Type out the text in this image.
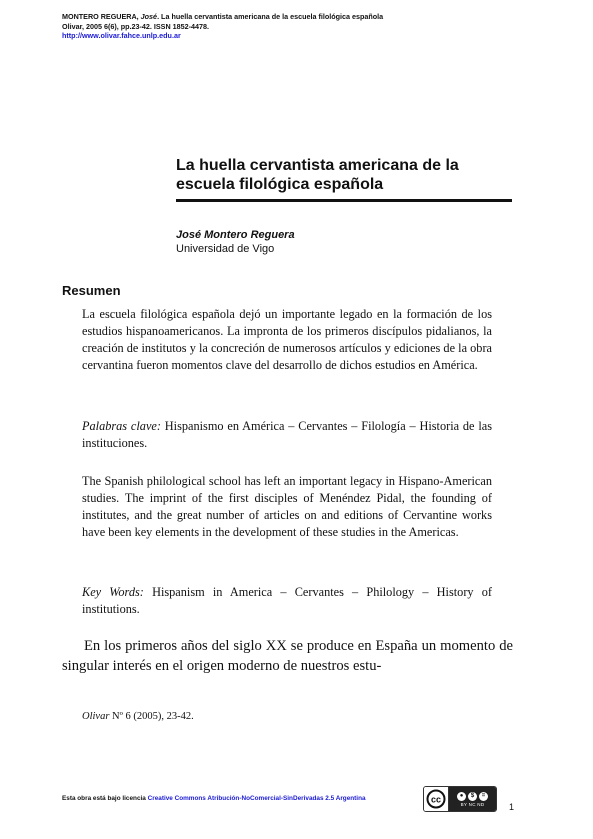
MONTERO REGUERA, José. La huella cervantista americana de la escuela filológica española
Olivar, 2005 6(6), pp.23-42. ISSN 1852-4478.
http://www.olivar.fahce.unlp.edu.ar
La huella cervantista americana de la escuela filológica española
José Montero Reguera
Universidad de Vigo
Resumen
La escuela filológica española dejó un importante legado en la formación de los estudios hispanoamericanos. La impronta de los primeros discípulos pidalianos, la creación de institutos y la concreción de numerosos artículos y ediciones de la obra cervantina fueron momentos clave del desarrollo de dichos estudios en América.
Palabras clave: Hispanismo en América – Cervantes – Filología – Historia de las instituciones.
The Spanish philological school has left an important legacy in Hispano-American studies. The imprint of the first disciples of Menéndez Pidal, the founding of institutes, and the great number of articles on and editions of Cervantine works have been key elements in the development of these studies in the Americas.
Key Words: Hispanism in America – Cervantes – Philology – History of institutions.
En los primeros años del siglo XX se produce en España un momento de singular interés en el origen moderno de nuestros estu-
Olivar Nº 6 (2005), 23-42.
Esta obra está bajo licencia Creative Commons Atribución-NoComercial-SinDerivadas 2.5 Argentina	cc	●	$	=
BY NC ND	1
